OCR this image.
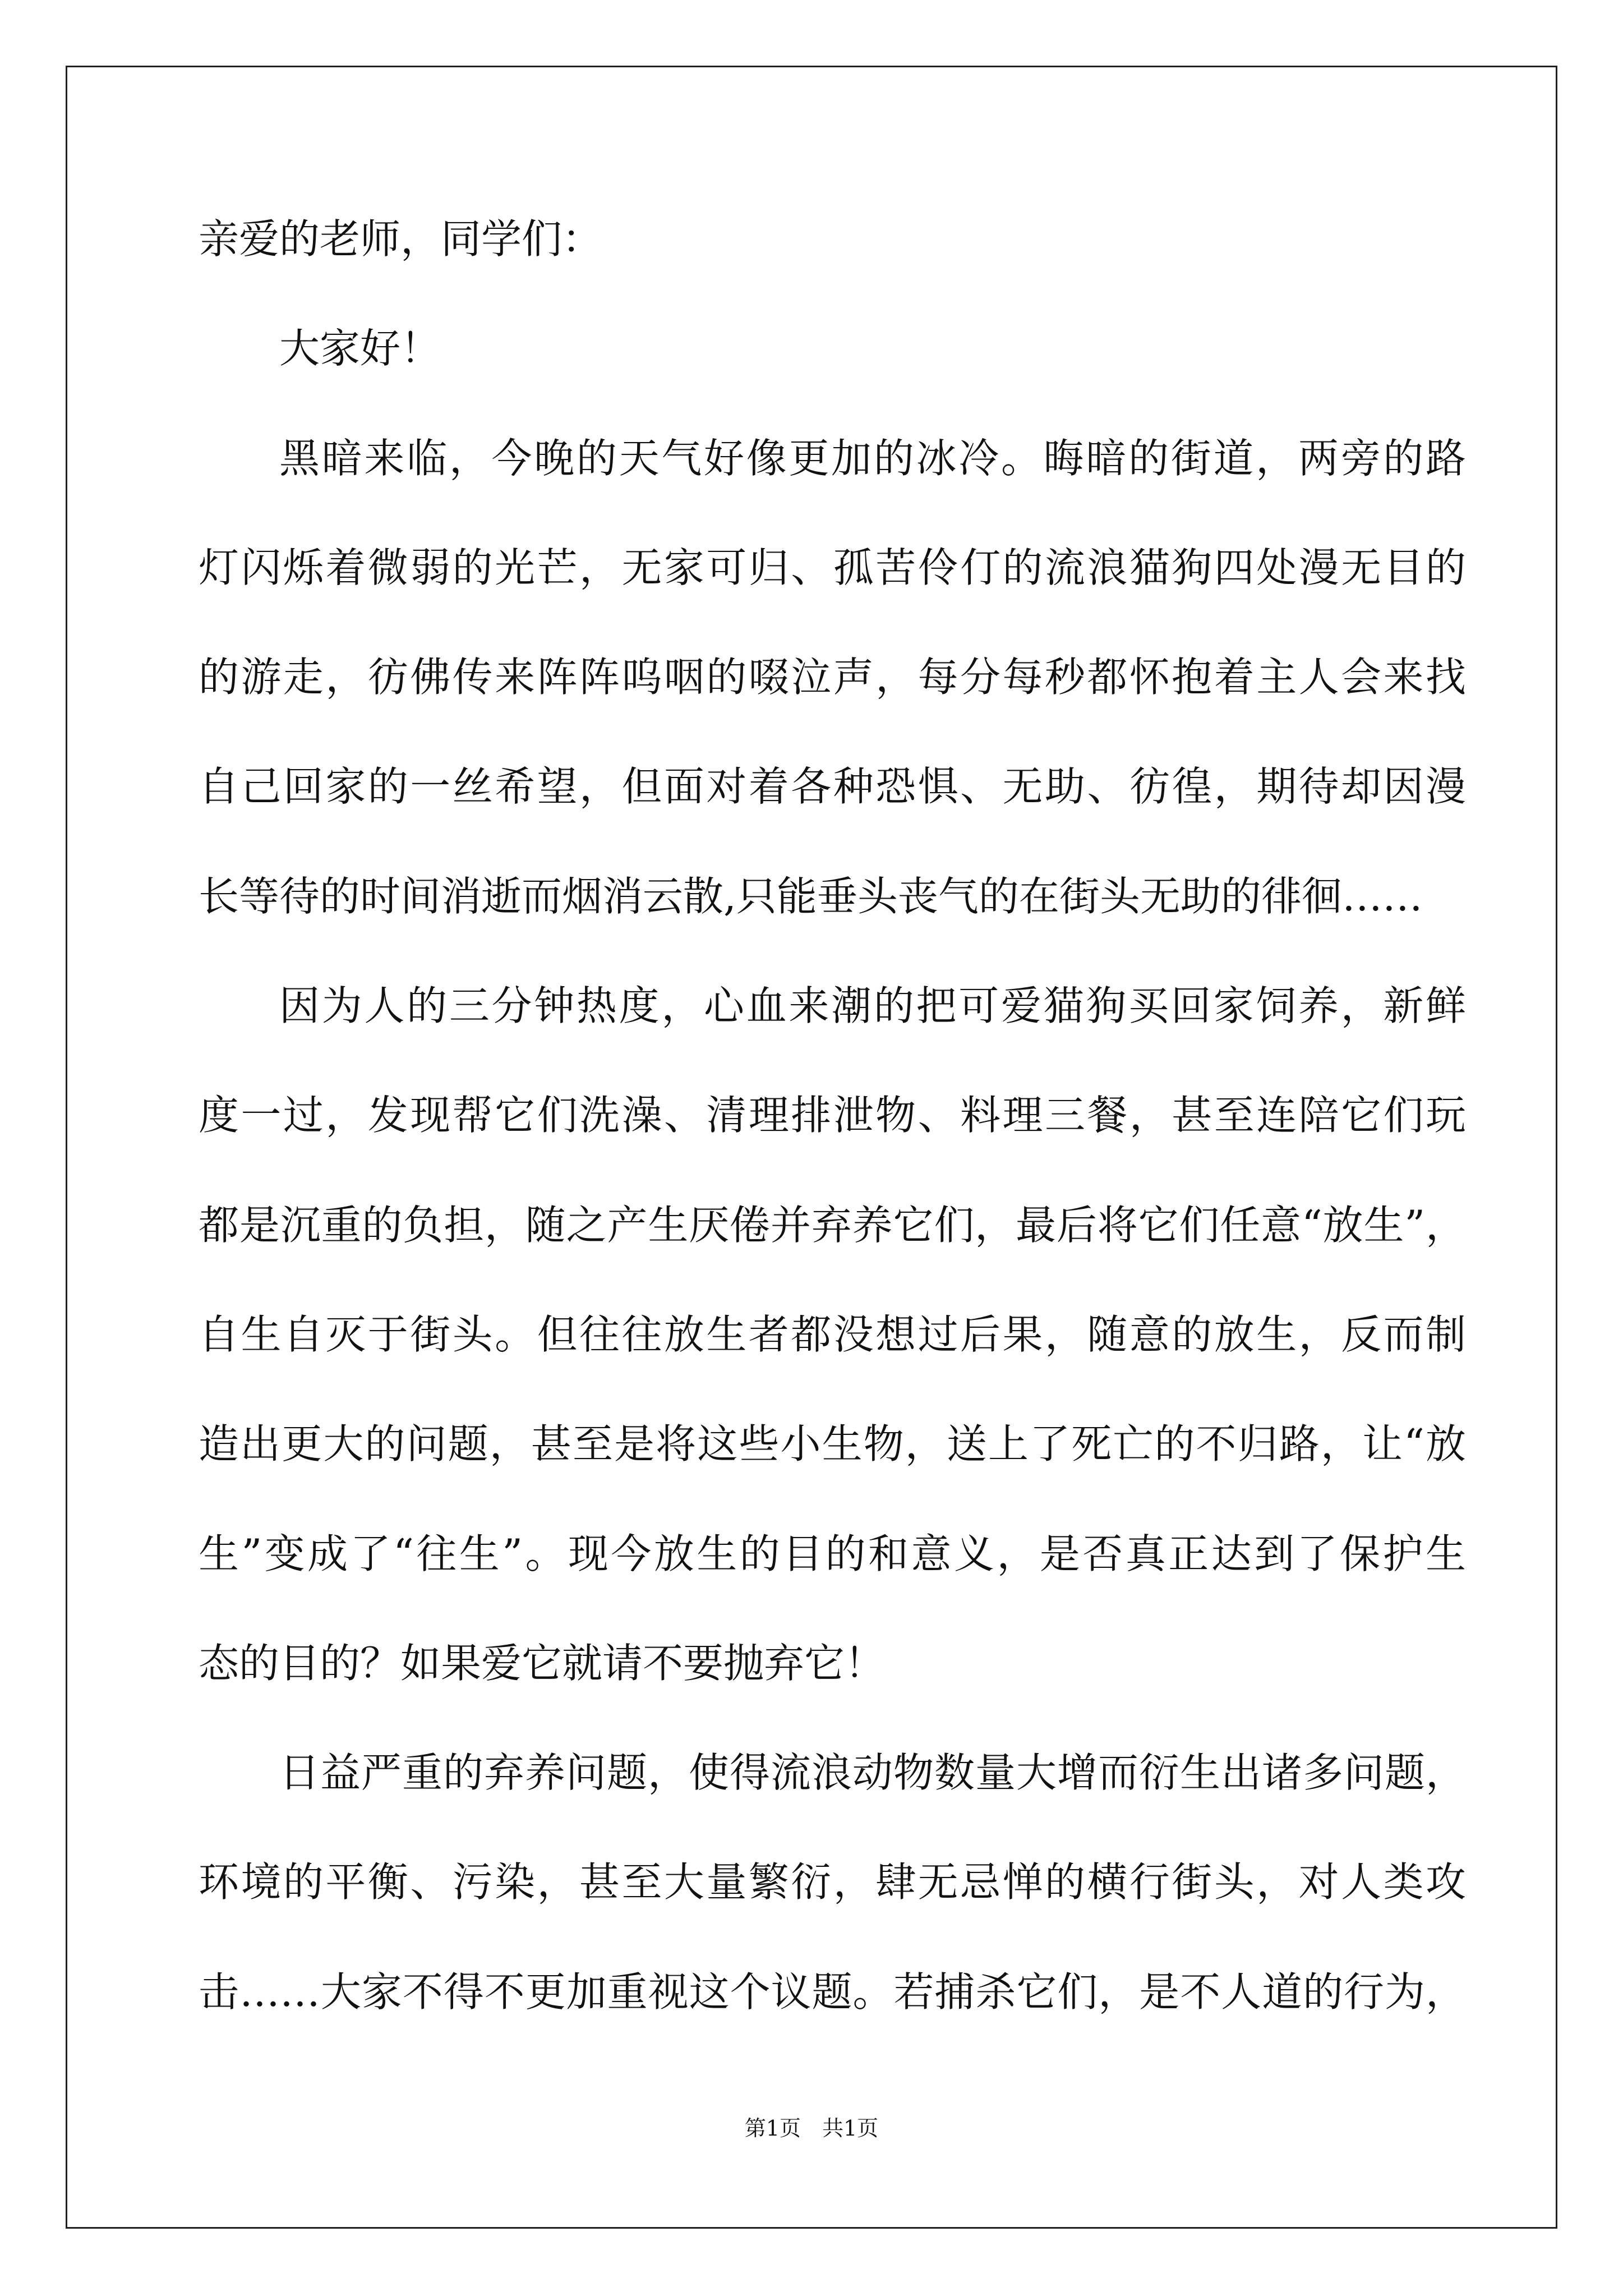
亲爱的老师，同学们：

大家好！

黑暗来临，今晚的天气好像更加的冰冷。晦暗的街道，两旁的路

灯闪烁着微弱的光芒，无家可归、孤苦伶仃的流浪猫狗四处漫无目的

的游走，彷佛传来阵阵呜咽的啜泣声，每分每秒都怀抱着主人会来找

自己回家的一丝希望，但面对着各种恐惧、无助、彷徨，期待却因漫

长等待的时间消逝而烟消云散,只能垂头丧气的在街头无助的徘徊……

因为人的三分钟热度，心血来潮的把可爱猫狗买回家饲养，新鲜

度一过，发现帮它们洗澡、清理排泄物、料理三餐，甚至连陪它们玩

都是沉重的负担，随之产生厌倦并弃养它们，最后将它们任意“放生”，

自生自灭于街头。但往往放生者都没想过后果，随意的放生，反而制

造出更大的问题，甚至是将这些小生物，送上了死亡的不归路，让“放

生”变成了“往生”。现今放生的目的和意义，是否真正达到了保护生

态的目的？如果爱它就请不要抛弃它！

日益严重的弃养问题，使得流浪动物数量大增而衍生出诸多问题，

环境的平衡、污染，甚至大量繁衍，肆无忌惮的横行街头，对人类攻

击……大家不得不更加重视这个议题。若捕杀它们，是不人道的行为，

第1页　共1页
